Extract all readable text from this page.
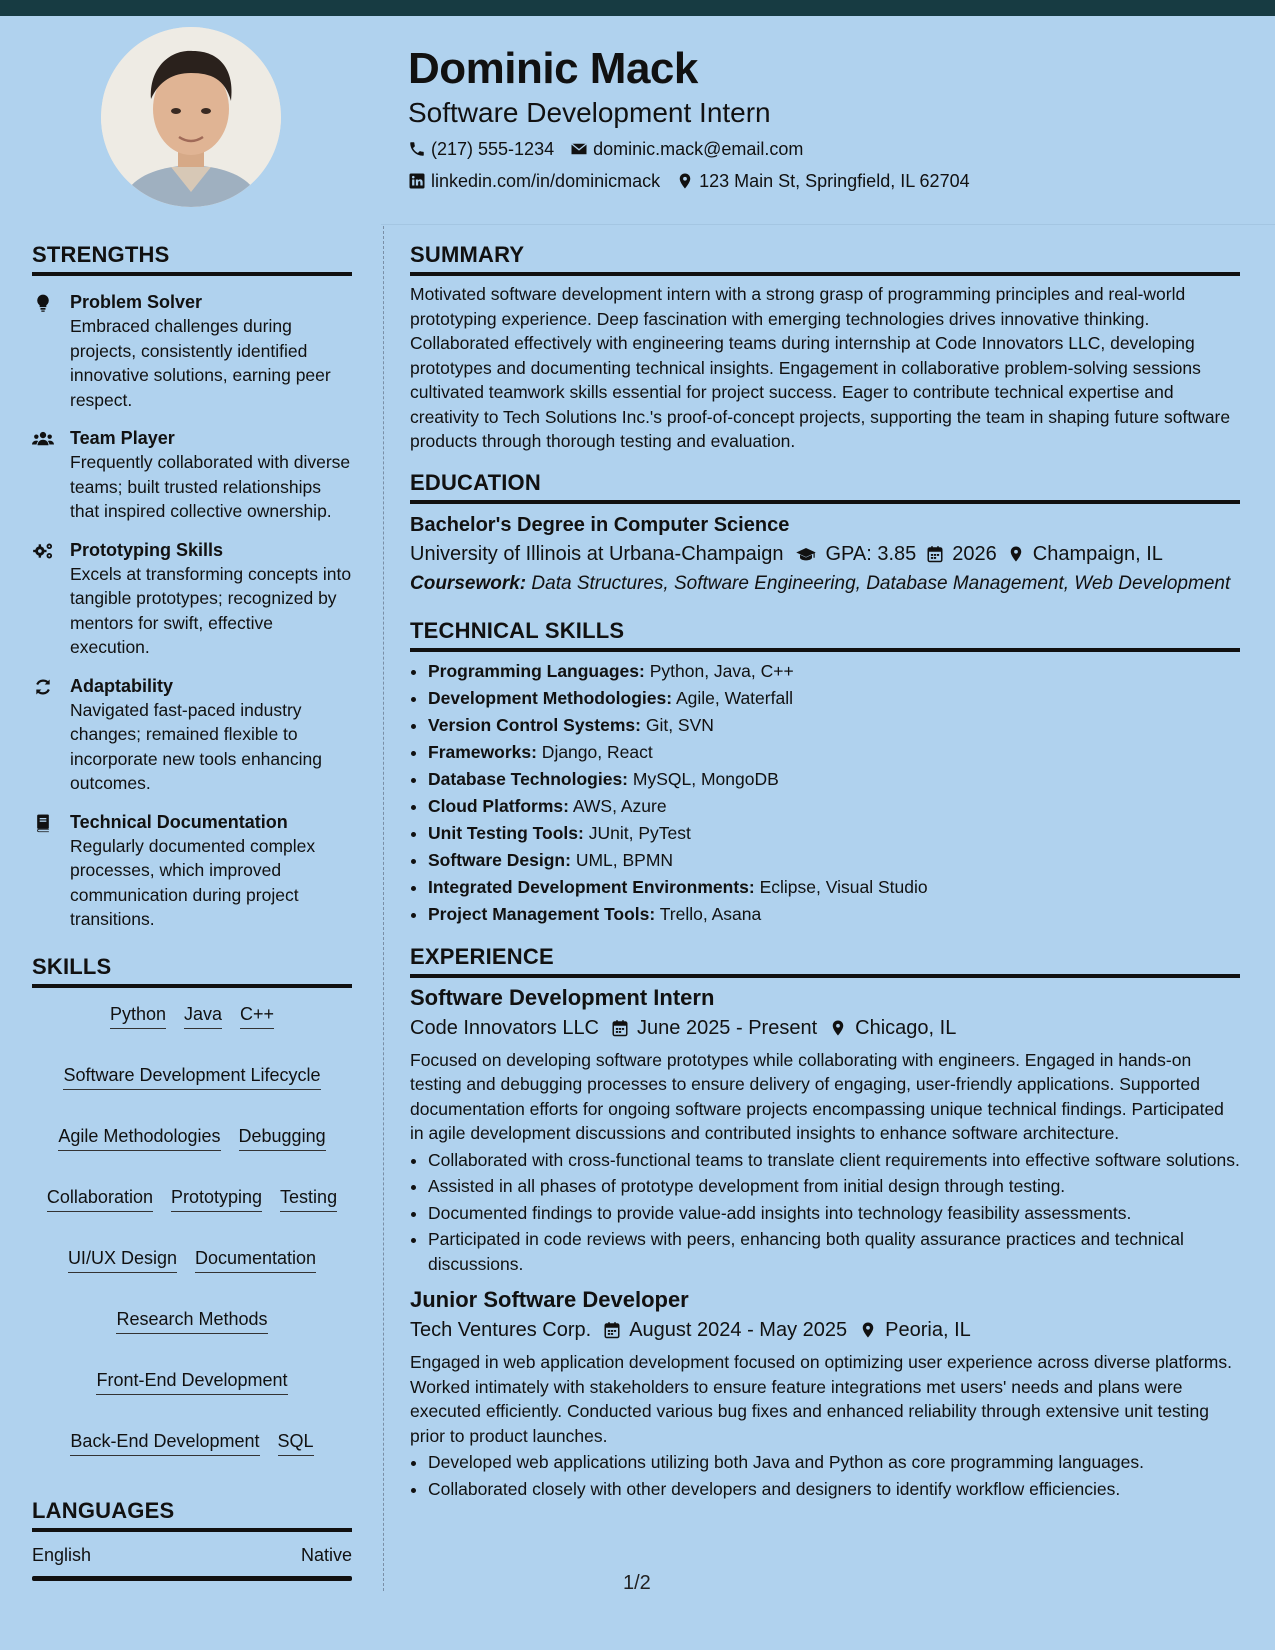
Dominic Mack
Software Development Intern
(217) 555-1234 dominic.mack@email.com
linkedin.com/in/dominicmack 123 Main St, Springfield, IL 62704
STRENGTHS
Problem Solver
Embraced challenges during projects, consistently identified innovative solutions, earning peer respect.
Team Player
Frequently collaborated with diverse teams; built trusted relationships that inspired collective ownership.
Prototyping Skills
Excels at transforming concepts into tangible prototypes; recognized by mentors for swift, effective execution.
Adaptability
Navigated fast-paced industry changes; remained flexible to incorporate new tools enhancing outcomes.
Technical Documentation
Regularly documented complex processes, which improved communication during project transitions.
SKILLS
Python Java C++
Software Development Lifecycle
Agile Methodologies Debugging
Collaboration Prototyping Testing
UI/UX Design Documentation
Research Methods
Front-End Development
Back-End Development SQL
LANGUAGES
English	Native
SUMMARY
Motivated software development intern with a strong grasp of programming principles and real-world prototyping experience. Deep fascination with emerging technologies drives innovative thinking. Collaborated effectively with engineering teams during internship at Code Innovators LLC, developing prototypes and documenting technical insights. Engagement in collaborative problem-solving sessions cultivated teamwork skills essential for project success. Eager to contribute technical expertise and creativity to Tech Solutions Inc.'s proof-of-concept projects, supporting the team in shaping future software products through thorough testing and evaluation.
EDUCATION
Bachelor's Degree in Computer Science
University of Illinois at Urbana-Champaign GPA: 3.85 2026 Champaign, IL
Coursework: Data Structures, Software Engineering, Database Management, Web Development
TECHNICAL SKILLS
• Programming Languages: Python, Java, C++
• Development Methodologies: Agile, Waterfall
• Version Control Systems: Git, SVN
• Frameworks: Django, React
• Database Technologies: MySQL, MongoDB
• Cloud Platforms: AWS, Azure
• Unit Testing Tools: JUnit, PyTest
• Software Design: UML, BPMN
• Integrated Development Environments: Eclipse, Visual Studio
• Project Management Tools: Trello, Asana
EXPERIENCE
Software Development Intern
Code Innovators LLC June 2025 - Present Chicago, IL
Focused on developing software prototypes while collaborating with engineers. Engaged in hands-on testing and debugging processes to ensure delivery of engaging, user-friendly applications. Supported documentation efforts for ongoing software projects encompassing unique technical findings. Participated in agile development discussions and contributed insights to enhance software architecture.
• Collaborated with cross-functional teams to translate client requirements into effective software solutions.
• Assisted in all phases of prototype development from initial design through testing.
• Documented findings to provide value-add insights into technology feasibility assessments.
• Participated in code reviews with peers, enhancing both quality assurance practices and technical discussions.
Junior Software Developer
Tech Ventures Corp. August 2024 - May 2025 Peoria, IL
Engaged in web application development focused on optimizing user experience across diverse platforms. Worked intimately with stakeholders to ensure feature integrations met users' needs and plans were executed efficiently. Conducted various bug fixes and enhanced reliability through extensive unit testing prior to product launches.
• Developed web applications utilizing both Java and Python as core programming languages.
• Collaborated closely with other developers and designers to identify workflow efficiencies.
1/2
